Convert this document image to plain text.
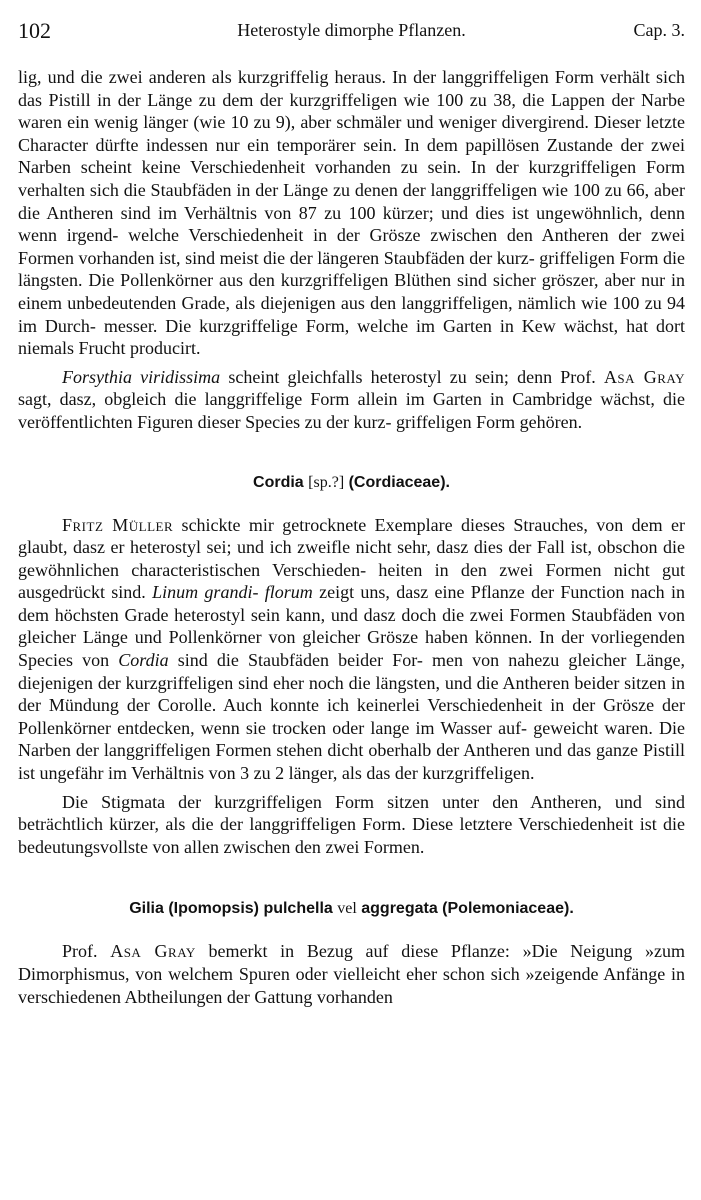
102	Heterostyle dimorphe Pflanzen.	Cap. 3.

lig, und die zwei anderen als kurzgriffelig heraus. In der langgriffeligen Form verhält sich das Pistill in der Länge zu dem der kurzgriffeligen wie 100 zu 38, die Lappen der Narbe waren ein wenig länger (wie 10 zu 9), aber schmäler und weniger divergirend. Dieser letzte Character dürfte indessen nur ein temporärer sein. In dem papillösen Zustande der zwei Narben scheint keine Verschiedenheit vorhanden zu sein. In der kurzgriffeligen Form verhalten sich die Staubfäden in der Länge zu denen der langgriffeligen wie 100 zu 66, aber die Antheren sind im Verhältnis von 87 zu 100 kürzer; und dies ist ungewöhnlich, denn wenn irgend- welche Verschiedenheit in der Grösze zwischen den Antheren der zwei Formen vorhanden ist, sind meist die der längeren Staubfäden der kurz- griffeligen Form die längsten. Die Pollenkörner aus den kurzgriffeligen Blüthen sind sicher gröszer, aber nur in einem unbedeutenden Grade, als diejenigen aus den langgriffeligen, nämlich wie 100 zu 94 im Durch- messer. Die kurzgriffelige Form, welche im Garten in Kew wächst, hat dort niemals Frucht producirt.

Forsythia viridissima scheint gleichfalls heterostyl zu sein; denn Prof. Asa Gray sagt, dasz, obgleich die langgriffelige Form allein im Garten in Cambridge wächst, die veröffentlichten Figuren dieser Species zu der kurz- griffeligen Form gehören.

Cordia [sp.?] (Cordiaceae).

Fritz Müller schickte mir getrocknete Exemplare dieses Strauches, von dem er glaubt, dasz er heterostyl sei; und ich zweifle nicht sehr, dasz dies der Fall ist, obschon die gewöhnlichen characteristischen Verschieden- heiten in den zwei Formen nicht gut ausgedrückt sind. Linum grandi- florum zeigt uns, dasz eine Pflanze der Function nach in dem höchsten Grade heterostyl sein kann, und dasz doch die zwei Formen Staubfäden von gleicher Länge und Pollenkörner von gleicher Grösze haben können. In der vorliegenden Species von Cordia sind die Staubfäden beider For- men von nahezu gleicher Länge, diejenigen der kurzgriffeligen sind eher noch die längsten, und die Antheren beider sitzen in der Mündung der Corolle. Auch konnte ich keinerlei Verschiedenheit in der Grösze der Pollenkörner entdecken, wenn sie trocken oder lange im Wasser auf- geweicht waren. Die Narben der langgriffeligen Formen stehen dicht oberhalb der Antheren und das ganze Pistill ist ungefähr im Verhältnis von 3 zu 2 länger, als das der kurzgriffeligen.

Die Stigmata der kurzgriffeligen Form sitzen unter den Antheren, und sind beträchtlich kürzer, als die der langgriffeligen Form. Diese letztere Verschiedenheit ist die bedeutungsvollste von allen zwischen den zwei Formen.

Gilia (Ipomopsis) pulchella vel aggregata (Polemoniaceae).

Prof. Asa Gray bemerkt in Bezug auf diese Pflanze: »Die Neigung »zum Dimorphismus, von welchem Spuren oder vielleicht eher schon sich »zeigende Anfänge in verschiedenen Abtheilungen der Gattung vorhanden
